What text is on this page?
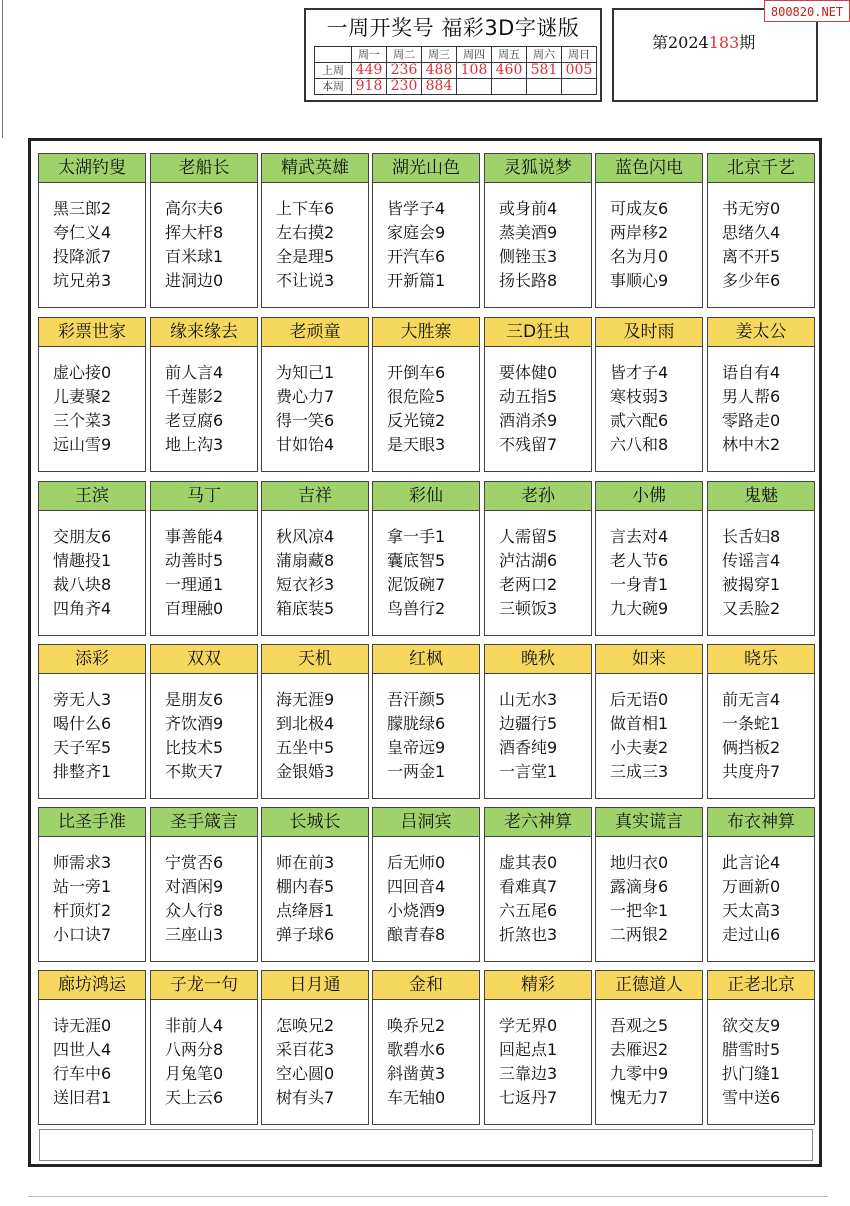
一周开奖号 福彩3D字谜版
	周一	周二	周三	周四	周五	周六	周日
上周	449	236	488	108	460	581	005
本周	918	230	884				
第2024183期
800820.NET
太湖钓叟
黑三郎2
夸仁义4
投降派7
坑兄弟3
老船长
高尔夫6
挥大杆8
百米球1
进洞边0
精武英雄
上下车6
左右摸2
全是理5
不让说3
湖光山色
皆学子4
家庭会9
开汽车6
开新篇1
灵狐说梦
或身前4
蒸美酒9
侧锉玉3
扬长路8
蓝色闪电
可成友6
两岸移2
名为月0
事顺心9
北京千艺
书无穷0
思绪久4
离不开5
多少年6
彩票世家
虚心接0
儿妻聚2
三个菜3
远山雪9
缘来缘去
前人言4
千莲影2
老豆腐6
地上沟3
老顽童
为知己1
费心力7
得一笑6
甘如饴4
大胜寨
开倒车6
很危险5
反光镜2
是天眼3
三D狂虫
要体健0
动五指5
酒消杀9
不残留7
及时雨
皆才子4
寒枝弱3
贰六配6
六八和8
姜太公
语自有4
男人帮6
零路走0
林中木2
王滨
交朋友6
情趣投1
裁八块8
四角齐4
马丁
事善能4
动善时5
一理通1
百理融0
吉祥
秋风凉4
蒲扇藏8
短衣衫3
箱底装5
彩仙
拿一手1
囊底智5
泥饭碗7
鸟兽行2
老孙
人需留5
泸沽湖6
老两口2
三顿饭3
小佛
言去对4
老人节6
一身青1
九大碗9
鬼魅
长舌妇8
传谣言4
被揭穿1
又丢脸2
添彩
旁无人3
喝什么6
天子军5
排整齐1
双双
是朋友6
齐饮酒9
比技术5
不欺天7
天机
海无涯9
到北极4
五坐中5
金银婚3
红枫
吾汗颜5
朦胧绿6
皇帝远9
一两金1
晚秋
山无水3
边疆行5
酒香纯9
一言堂1
如来
后无语0
做首相1
小夫妻2
三成三3
晓乐
前无言4
一条蛇1
俩挡板2
共度舟7
比圣手准
师需求3
站一旁1
杆顶灯2
小口诀7
圣手箴言
宁赏否6
对酒闲9
众人行8
三座山3
长城长
师在前3
棚内春5
点绛唇1
弹子球6
吕洞宾
后无师0
四回音4
小烧酒9
酿青春8
老六神算
虚其表0
看难真7
六五尾6
折煞也3
真实谎言
地归衣0
露滴身6
一把伞1
二两银2
布衣神算
此言论4
万画新0
天太高3
走过山6
廊坊鸿运
诗无涯0
四世人4
行车中6
送旧君1
子龙一句
非前人4
八两分8
月兔笔0
天上云6
日月通
怎唤兄2
采百花3
空心圆0
树有头7
金和
唤乔兄2
歌碧水6
斜凿黄3
车无轴0
精彩
学无界0
回起点1
三靠边3
七返丹7
正德道人
吾观之5
去雁迟2
九零中9
愧无力7
正老北京
欲交友9
腊雪时5
扒门缝1
雪中送6
